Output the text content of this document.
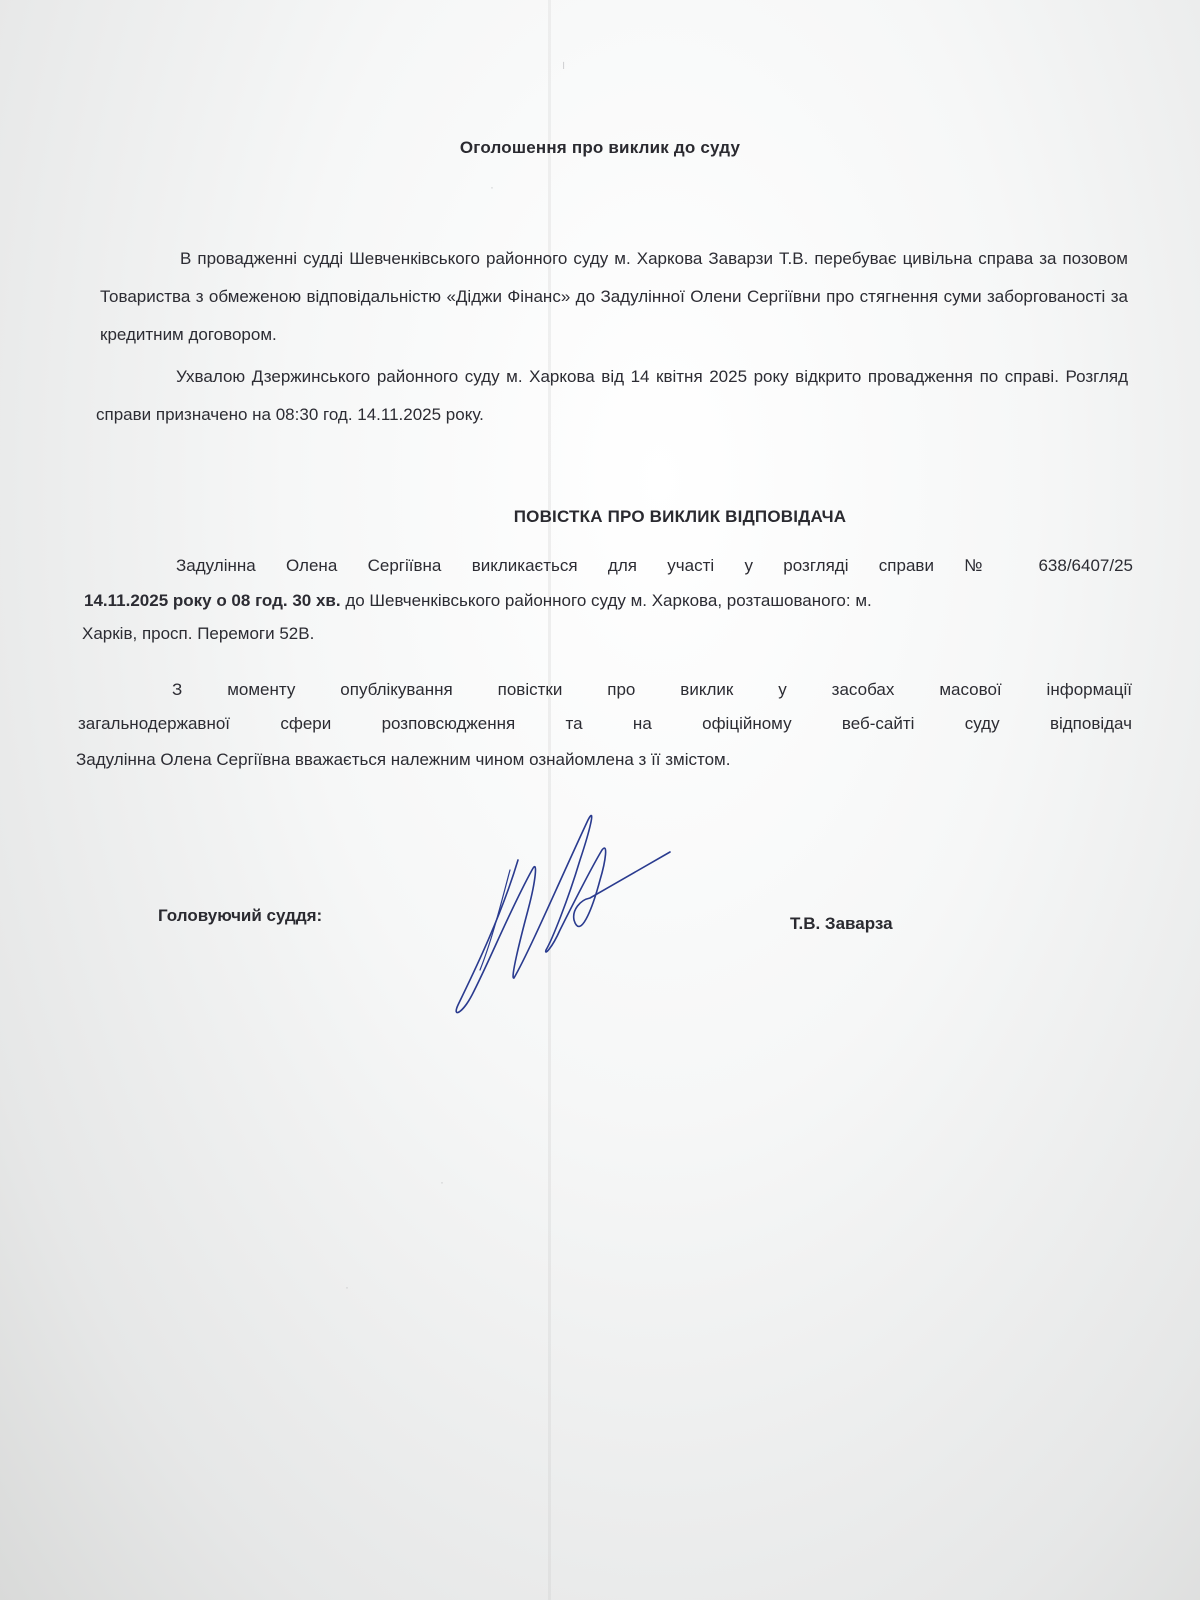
╷
·
·
·
Оголошення про виклик до суду
В провадженні судді Шевченківського районного суду м. Харкова Заварзи Т.В. перебуває цивільна справа за позовом Товариства з обмеженою відповідальністю «Діджи Фінанс» до Задулінної Олени Сергіївни про стягнення суми заборгованості за кредитним договором.
Ухвалою Дзержинського районного суду м. Харкова від 14 квітня 2025 року відкрито провадження по справі. Розгляд справи призначено на 08:30 год. 14.11.2025 року.
ПОВІСТКА ПРО ВИКЛИК ВІДПОВІДАЧА
Задулінна Олена Сергіївна викликається для участі у розгляді справи № 638/6407/25
14.11.2025 року о 08 год. 30 хв. до Шевченківського районного суду м. Харкова, розташованого: м.
Харків, просп. Перемоги 52В.
З моменту опублікування повістки про виклик у засобах масової інформації
загальнодержавної сфери розповсюдження та на офіційному веб-сайті суду відповідач
Задулінна Олена Сергіївна вважається належним чином ознайомлена з її змістом.
Головуючий суддя:	Т.В. Заварза
